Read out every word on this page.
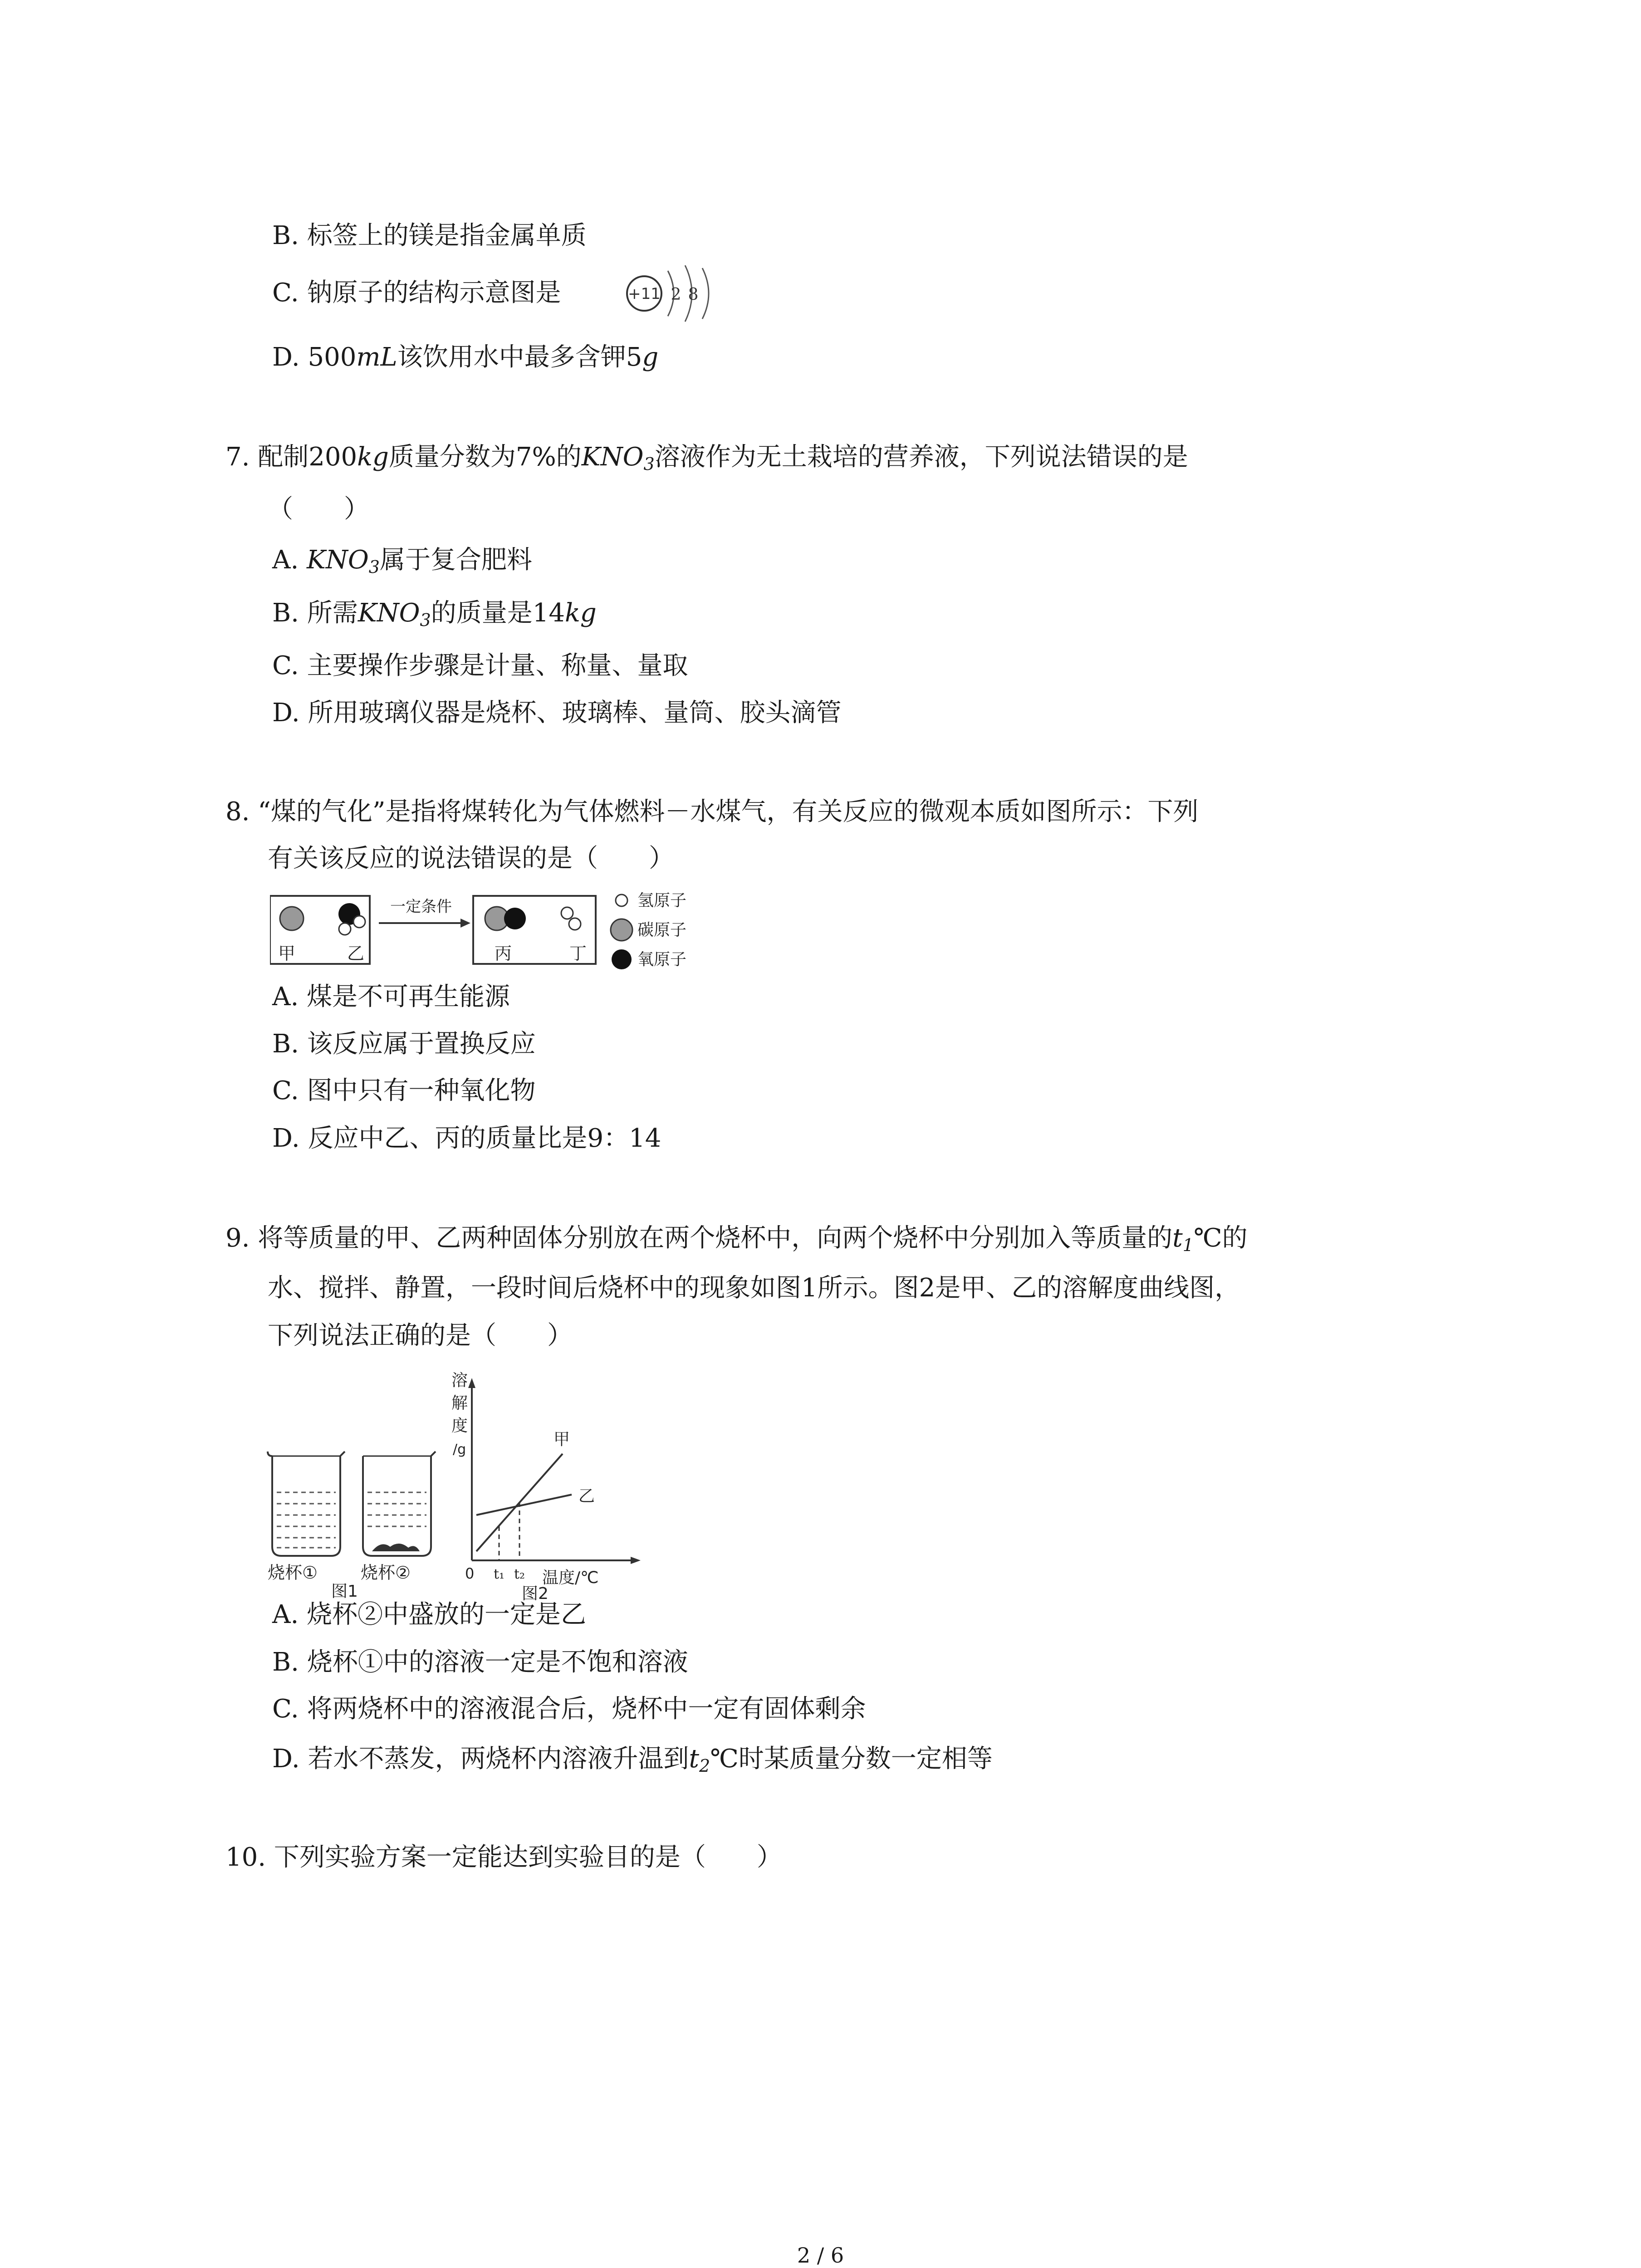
B. 标签上的镁是指金属单质
C. 钠原子的结构示意图是	+11 2 8
D. 500mL该饮用水中最多含钾5g
7. 配制200kg质量分数为7%的$KNO_3$溶液作为无土栽培的营养液，下列说法错误的是
（　　）
A. $KNO_3$属于复合肥料
B. 所需$KNO_3$的质量是14kg
C. 主要操作步骤是计量、称量、量取
D. 所用玻璃仪器是烧杯、玻璃棒、量筒、胶头滴管
8. “煤的气化”是指将煤转化为气体燃料－水煤气，有关反应的微观本质如图所示：下列
有关该反应的说法错误的是（　　）
甲	乙
一定条件
丙	丁
氢原子
碳原子
氧原子
A. 煤是不可再生能源
B. 该反应属于置换反应
C. 图中只有一种氧化物
D. 反应中乙、丙的质量比是9：14
9. 将等质量的甲、乙两种固体分别放在两个烧杯中，向两个烧杯中分别加入等质量的$t_1℃$的
水、搅拌、静置，一段时间后烧杯中的现象如图1所示。图2是甲、乙的溶解度曲线图，
下列说法正确的是（　　）
烧杯① 烧杯②
图1
溶
解
度
/g
甲
乙
0 t₁ t₂ 温度/℃
图2
A. 烧杯②中盛放的一定是乙
B. 烧杯①中的溶液一定是不饱和溶液
C. 将两烧杯中的溶液混合后，烧杯中一定有固体剩余
D. 若水不蒸发，两烧杯内溶液升温到$t_2℃$时某质量分数一定相等
10. 下列实验方案一定能达到实验目的是（　　）
2 / 6
